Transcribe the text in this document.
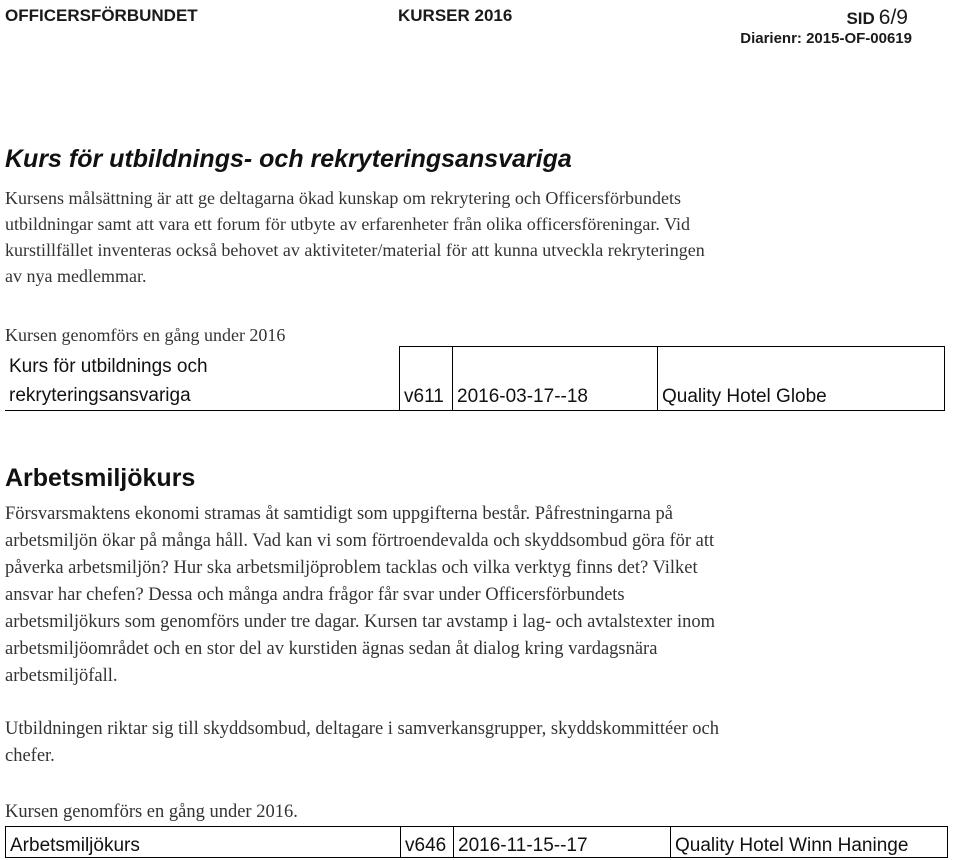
OFFICERSFÖRBUNDET	KURSER 2016	SID 6/9
Diarienr: 2015-OF-00619
Kurs för utbildnings- och rekryteringsansvariga
Kursens målsättning är att ge deltagarna ökad kunskap om rekrytering och Officersförbundets
utbildningar samt att vara ett forum för utbyte av erfarenheter från olika officersföreningar. Vid
kurstillfället inventeras också behovet av aktiviteter/material för att kunna utveckla rekryteringen
av nya medlemmar.
Kursen genomförs en gång under 2016
Kurs för utbildnings och
rekryteringsansvariga	v611	2016-03-17--18	Quality Hotel Globe
Arbetsmiljökurs
Försvarsmaktens ekonomi stramas åt samtidigt som uppgifterna består. Påfrestningarna på
arbetsmiljön ökar på många håll. Vad kan vi som förtroendevalda och skyddsombud göra för att
påverka arbetsmiljön? Hur ska arbetsmiljöproblem tacklas och vilka verktyg finns det? Vilket
ansvar har chefen? Dessa och många andra frågor får svar under Officersförbundets
arbetsmiljökurs som genomförs under tre dagar. Kursen tar avstamp i lag- och avtalstexter inom
arbetsmiljöområdet och en stor del av kurstiden ägnas sedan åt dialog kring vardagsnära
arbetsmiljöfall.
Utbildningen riktar sig till skyddsombud, deltagare i samverkansgrupper, skyddskommittéer och
chefer.
Kursen genomförs en gång under 2016.
Arbetsmiljökurs	v646	2016-11-15--17	Quality Hotel Winn Haninge
